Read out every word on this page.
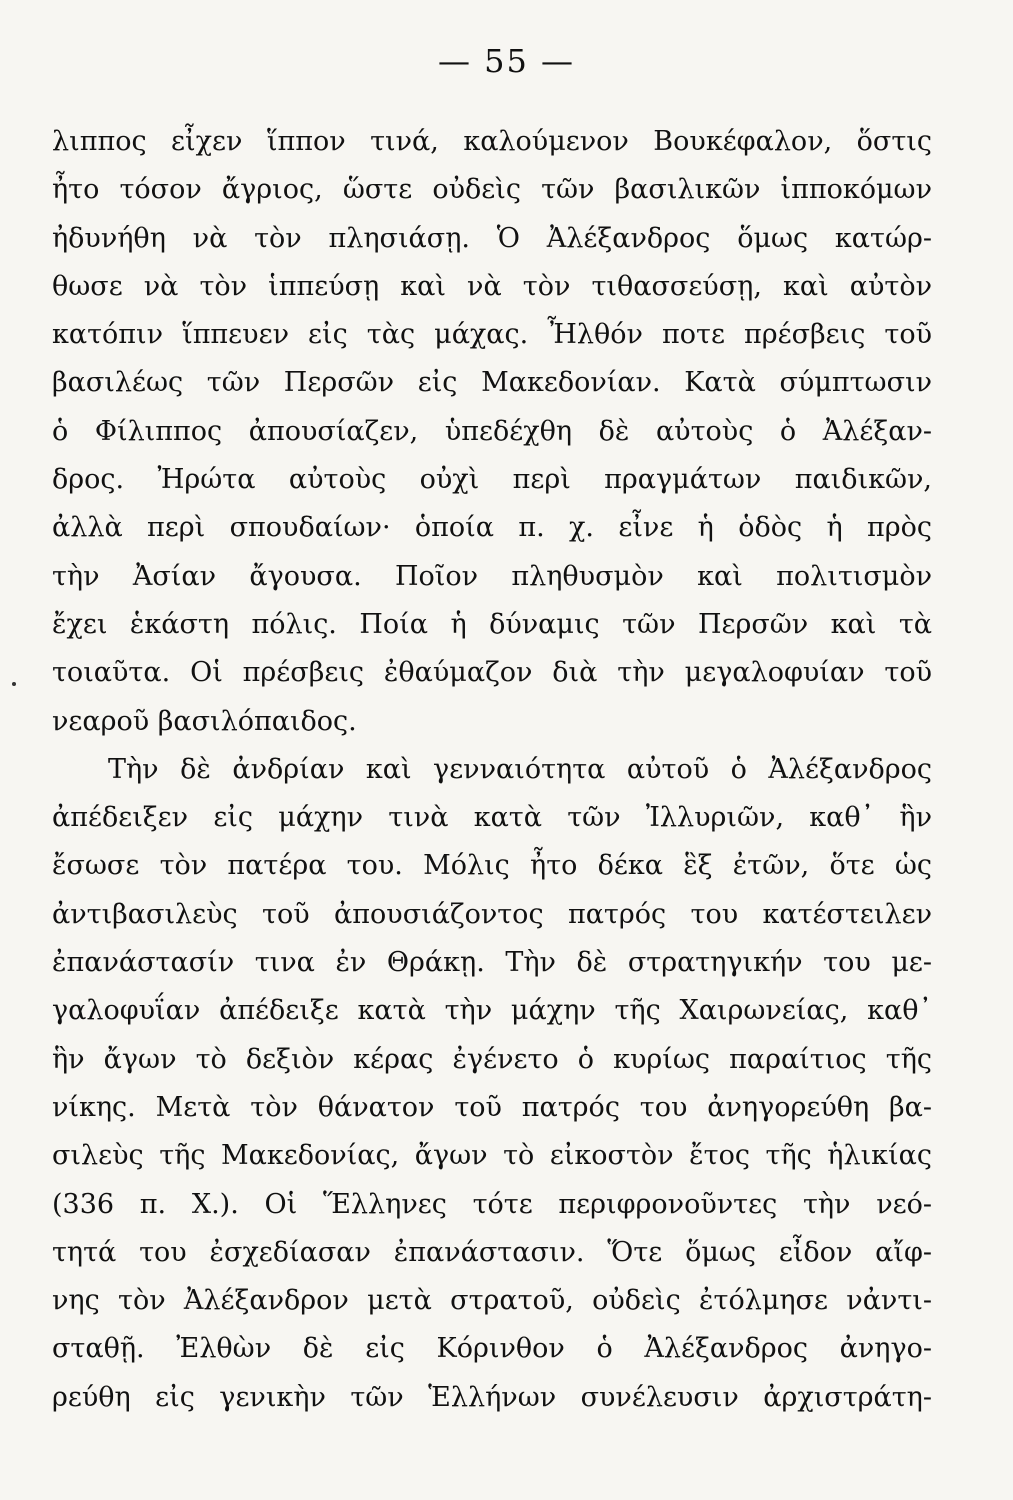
— 55 —
λιππος εἶχεν ἵππον τινά, καλούμενον Βουκέφαλον, ὅστις
ἦτο τόσον ἄγριος, ὥστε οὐδεὶς τῶν βασιλικῶν ἱπποκόμων
ἠδυνήθη νὰ τὸν πλησιάσῃ. Ὁ Ἀλέξανδρος ὅμως κατώρ-
θωσε νὰ τὸν ἱππεύσῃ καὶ νὰ τὸν τιθασσεύσῃ, καὶ αὐτὸν
κατόπιν ἵππευεν εἰς τὰς μάχας. Ἦλθόν ποτε πρέσβεις τοῦ
βασιλέως τῶν Περσῶν εἰς Μακεδονίαν. Κατὰ σύμπτωσιν
ὁ Φίλιππος ἀπουσίαζεν, ὑπεδέχθη δὲ αὐτοὺς ὁ Ἀλέξαν-
δρος. Ἠρώτα αὐτοὺς οὐχὶ περὶ πραγμάτων παιδικῶν,
ἀλλὰ περὶ σπουδαίων· ὁποία π. χ. εἶνε ἡ ὁδὸς ἡ πρὸς
τὴν Ἀσίαν ἄγουσα. Ποῖον πληθυσμὸν καὶ πολιτισμὸν
ἔχει ἑκάστη πόλις. Ποία ἡ δύναμις τῶν Περσῶν καὶ τὰ
τοιαῦτα. Οἱ πρέσβεις ἐθαύμαζον διὰ τὴν μεγαλοφυίαν τοῦ
νεαροῦ βασιλόπαιδος.
Τὴν δὲ ἀνδρίαν καὶ γενναιότητα αὐτοῦ ὁ Ἀλέξανδρος
ἀπέδειξεν εἰς μάχην τινὰ κατὰ τῶν Ἰλλυριῶν, καθ᾽ ἣν
ἔσωσε τὸν πατέρα του. Μόλις ἦτο δέκα ἓξ ἐτῶν, ὅτε ὡς
ἀντιβασιλεὺς τοῦ ἀπουσιάζοντος πατρός του κατέστειλεν
ἐπανάστασίν τινα ἐν Θράκῃ. Τὴν δὲ στρατηγικήν του με-
γαλοφυΐαν ἀπέδειξε κατὰ τὴν μάχην τῆς Χαιρωνείας, καθ᾽
ἣν ἄγων τὸ δεξιὸν κέρας ἐγένετο ὁ κυρίως παραίτιος τῆς
νίκης. Μετὰ τὸν θάνατον τοῦ πατρός του ἀνηγορεύθη βα-
σιλεὺς τῆς Μακεδονίας, ἄγων τὸ εἰκοστὸν ἔτος τῆς ἡλικίας
(336 π. Χ.). Οἱ Ἕλληνες τότε περιφρονοῦντες τὴν νεό-
τητά του ἐσχεδίασαν ἐπανάστασιν. Ὅτε ὅμως εἶδον αἴφ-
νης τὸν Ἀλέξανδρον μετὰ στρατοῦ, οὐδεὶς ἐτόλμησε νἀντι-
σταθῇ. Ἐλθὼν δὲ εἰς Κόρινθον ὁ Ἀλέξανδρος ἀνηγο-
ρεύθη εἰς γενικὴν τῶν Ἑλλήνων συνέλευσιν ἀρχιστράτη-
